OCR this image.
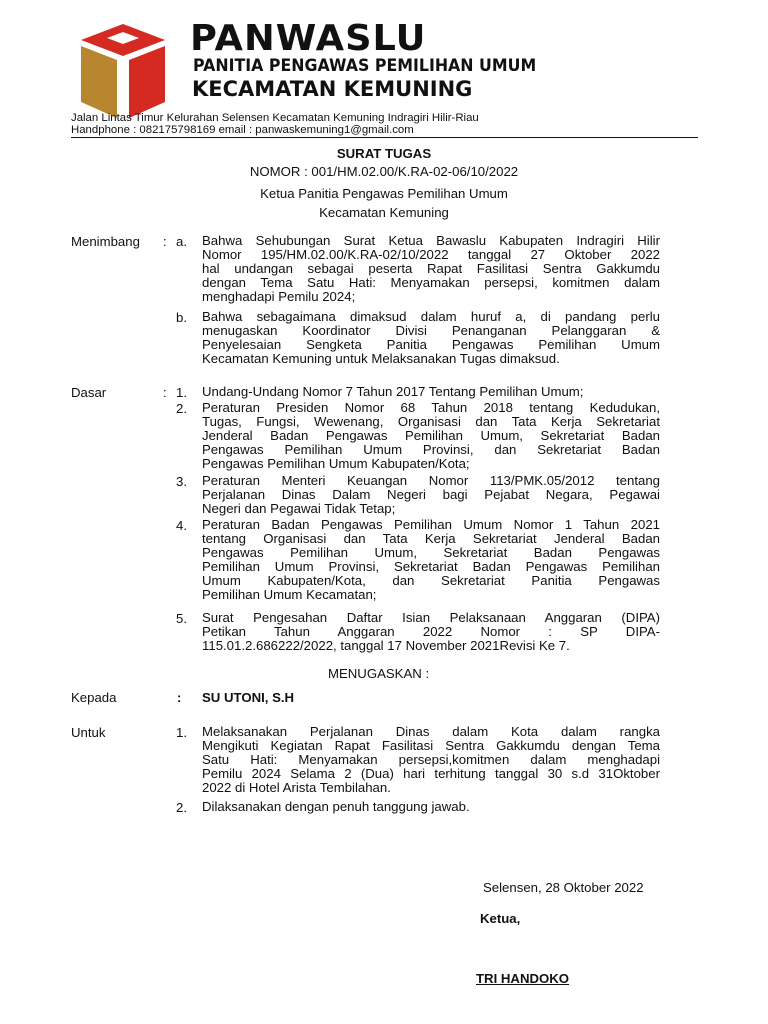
PANWASLU
PANITIA PENGAWAS PEMILIHAN UMUM
KECAMATAN KEMUNING
Jalan Lintas Timur Kelurahan Selensen Kecamatan Kemuning Indragiri Hilir-Riau
Handphone : 082175798169 email : panwaskemuning1@gmail.com
SURAT TUGAS
NOMOR : 001/HM.02.00/K.RA-02-06/10/2022
Ketua Panitia Pengawas Pemilihan Umum
Kecamatan Kemuning
Menimbang : a. Bahwa Sehubungan Surat Ketua Bawaslu Kabupaten Indragiri Hilir
Nomor 195/HM.02.00/K.RA-02/10/2022 tanggal 27 Oktober 2022
hal undangan sebagai peserta Rapat Fasilitasi Sentra Gakkumdu
dengan Tema Satu Hati: Menyamakan persepsi, komitmen dalam
menghadapi Pemilu 2024;
b. Bahwa sebagaimana dimaksud dalam huruf a, di pandang perlu
menugaskan Koordinator Divisi Penanganan Pelanggaran &
Penyelesaian Sengketa Panitia Pengawas Pemilihan Umum
Kecamatan Kemuning untuk Melaksanakan Tugas dimaksud.
Dasar	: 1. Undang-Undang Nomor 7 Tahun 2017 Tentang Pemilihan Umum;
2. Peraturan Presiden Nomor 68 Tahun 2018 tentang Kedudukan,
Tugas, Fungsi, Wewenang, Organisasi dan Tata Kerja Sekretariat
Jenderal Badan Pengawas Pemilihan Umum, Sekretariat Badan
Pengawas Pemilihan Umum Provinsi, dan Sekretariat Badan
Pengawas Pemilihan Umum Kabupaten/Kota;
3. Peraturan Menteri Keuangan Nomor 113/PMK.05/2012 tentang
Perjalanan Dinas Dalam Negeri bagi Pejabat Negara, Pegawai
Negeri dan Pegawai Tidak Tetap;
4. Peraturan Badan Pengawas Pemilihan Umum Nomor 1 Tahun 2021
tentang Organisasi dan Tata Kerja Sekretariat Jenderal Badan
Pengawas Pemilihan Umum, Sekretariat Badan Pengawas
Pemilihan Umum Provinsi, Sekretariat Badan Pengawas Pemilihan
Umum Kabupaten/Kota, dan Sekretariat Panitia Pengawas
Pemilihan Umum Kecamatan;
5. Surat Pengesahan Daftar Isian Pelaksanaan Anggaran (DIPA)
Petikan Tahun Anggaran 2022 Nomor : SP DIPA-
115.01.2.686222/2022, tanggal 17 November 2021Revisi Ke 7.
MENUGASKAN :
Kepada	: SU UTONI, S.H
Untuk	1. Melaksanakan Perjalanan Dinas dalam Kota dalam rangka
Mengikuti Kegiatan Rapat Fasilitasi Sentra Gakkumdu dengan Tema
Satu Hati: Menyamakan persepsi,komitmen dalam menghadapi
Pemilu 2024 Selama 2 (Dua) hari terhitung tanggal 30 s.d 31Oktober
2022 di Hotel Arista Tembilahan.
2. Dilaksanakan dengan penuh tanggung jawab.
Selensen, 28 Oktober 2022
Ketua,
TRI HANDOKO
